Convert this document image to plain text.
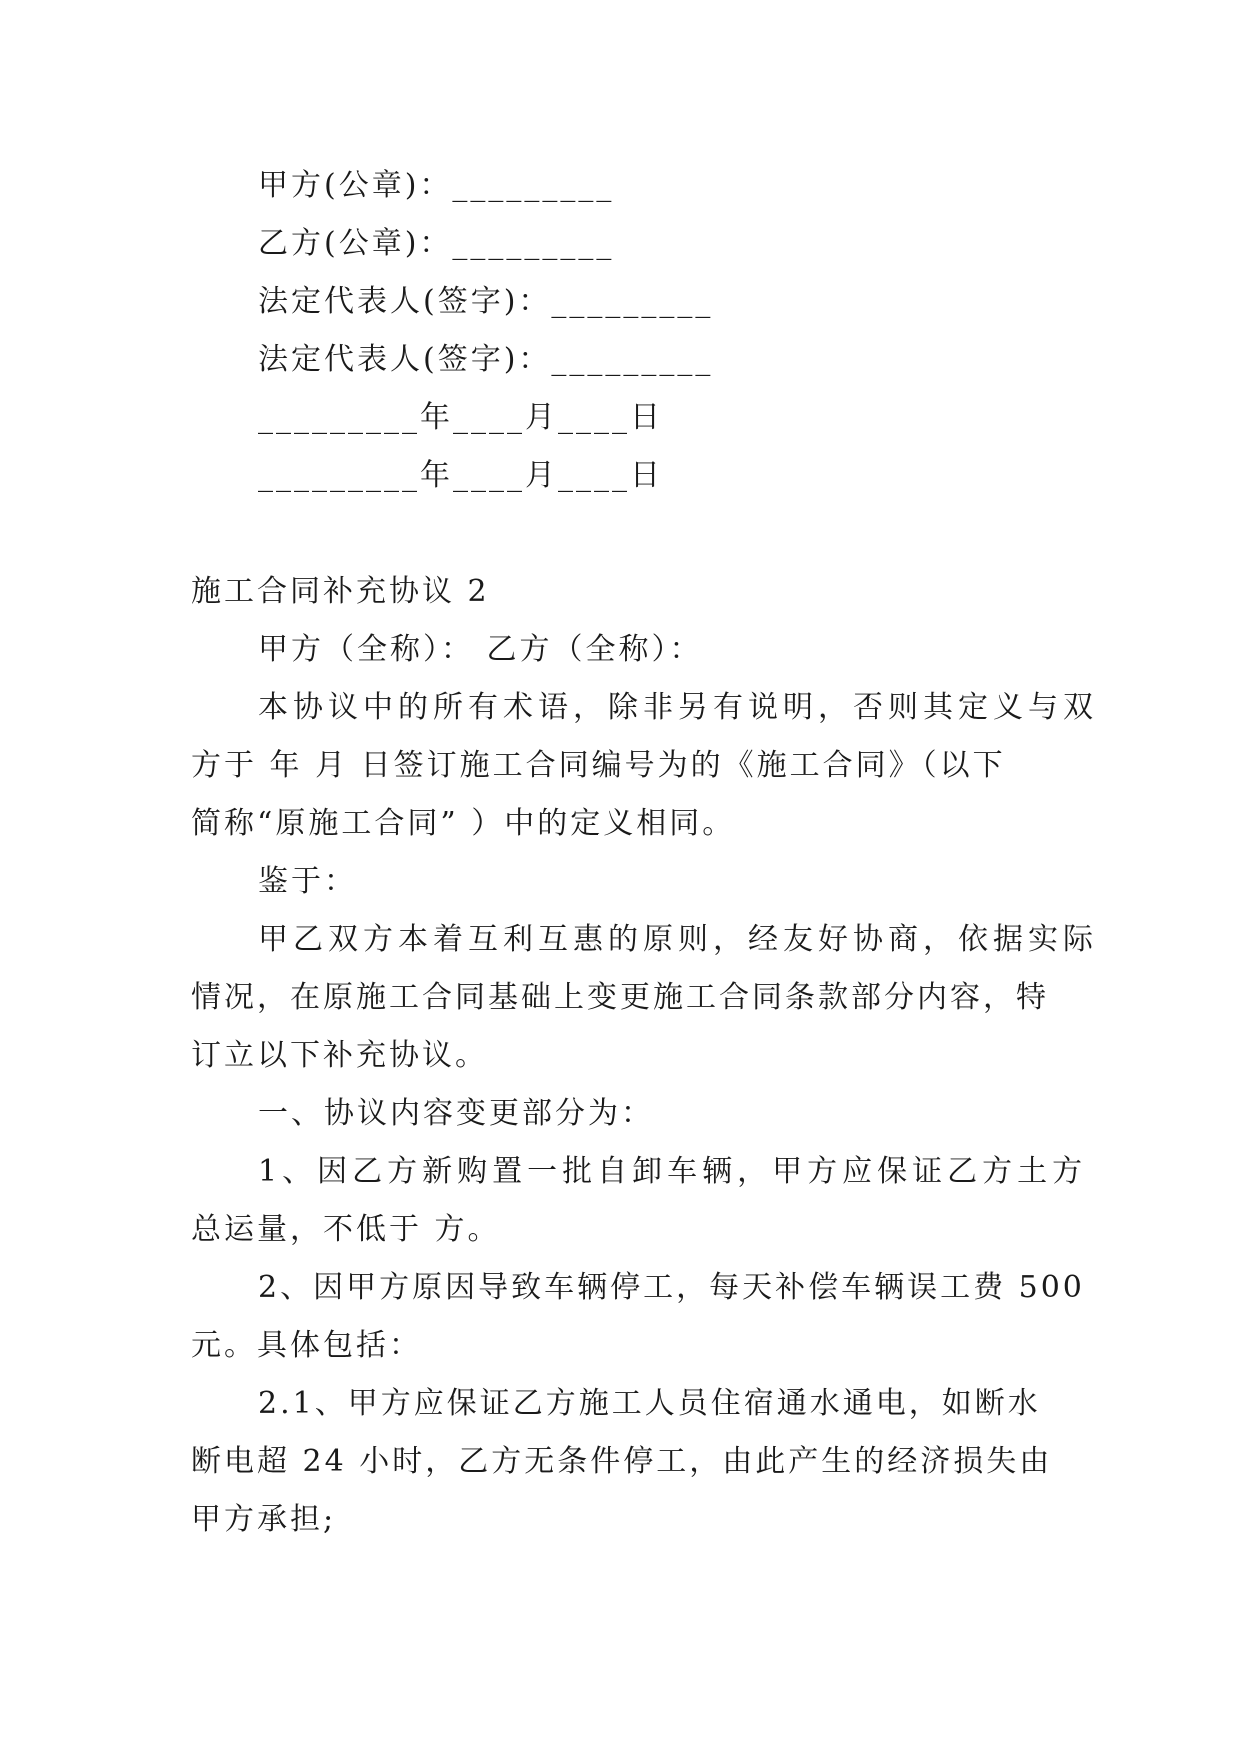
甲方(公章)：_________
乙方(公章)：_________
法定代表人(签字)：_________
法定代表人(签字)：_________
_________年____月____日
_________年____月____日
施工合同补充协议 2
甲方（全称）： 乙方（全称）：
本协议中的所有术语，除非另有说明，否则其定义与双
方于 年 月 日签订施工合同编号为的《施工合同》（以下
简称“原施工合同” ）中的定义相同。
鉴于：
甲乙双方本着互利互惠的原则，经友好协商，依据实际
情况，在原施工合同基础上变更施工合同条款部分内容，特
订立以下补充协议。
一、协议内容变更部分为：
1、因乙方新购置一批自卸车辆，甲方应保证乙方土方
总运量，不低于 方。
2、因甲方原因导致车辆停工，每天补偿车辆误工费 500
元。具体包括：
2.1、甲方应保证乙方施工人员住宿通水通电，如断水
断电超 24 小时，乙方无条件停工，由此产生的经济损失由
甲方承担;
